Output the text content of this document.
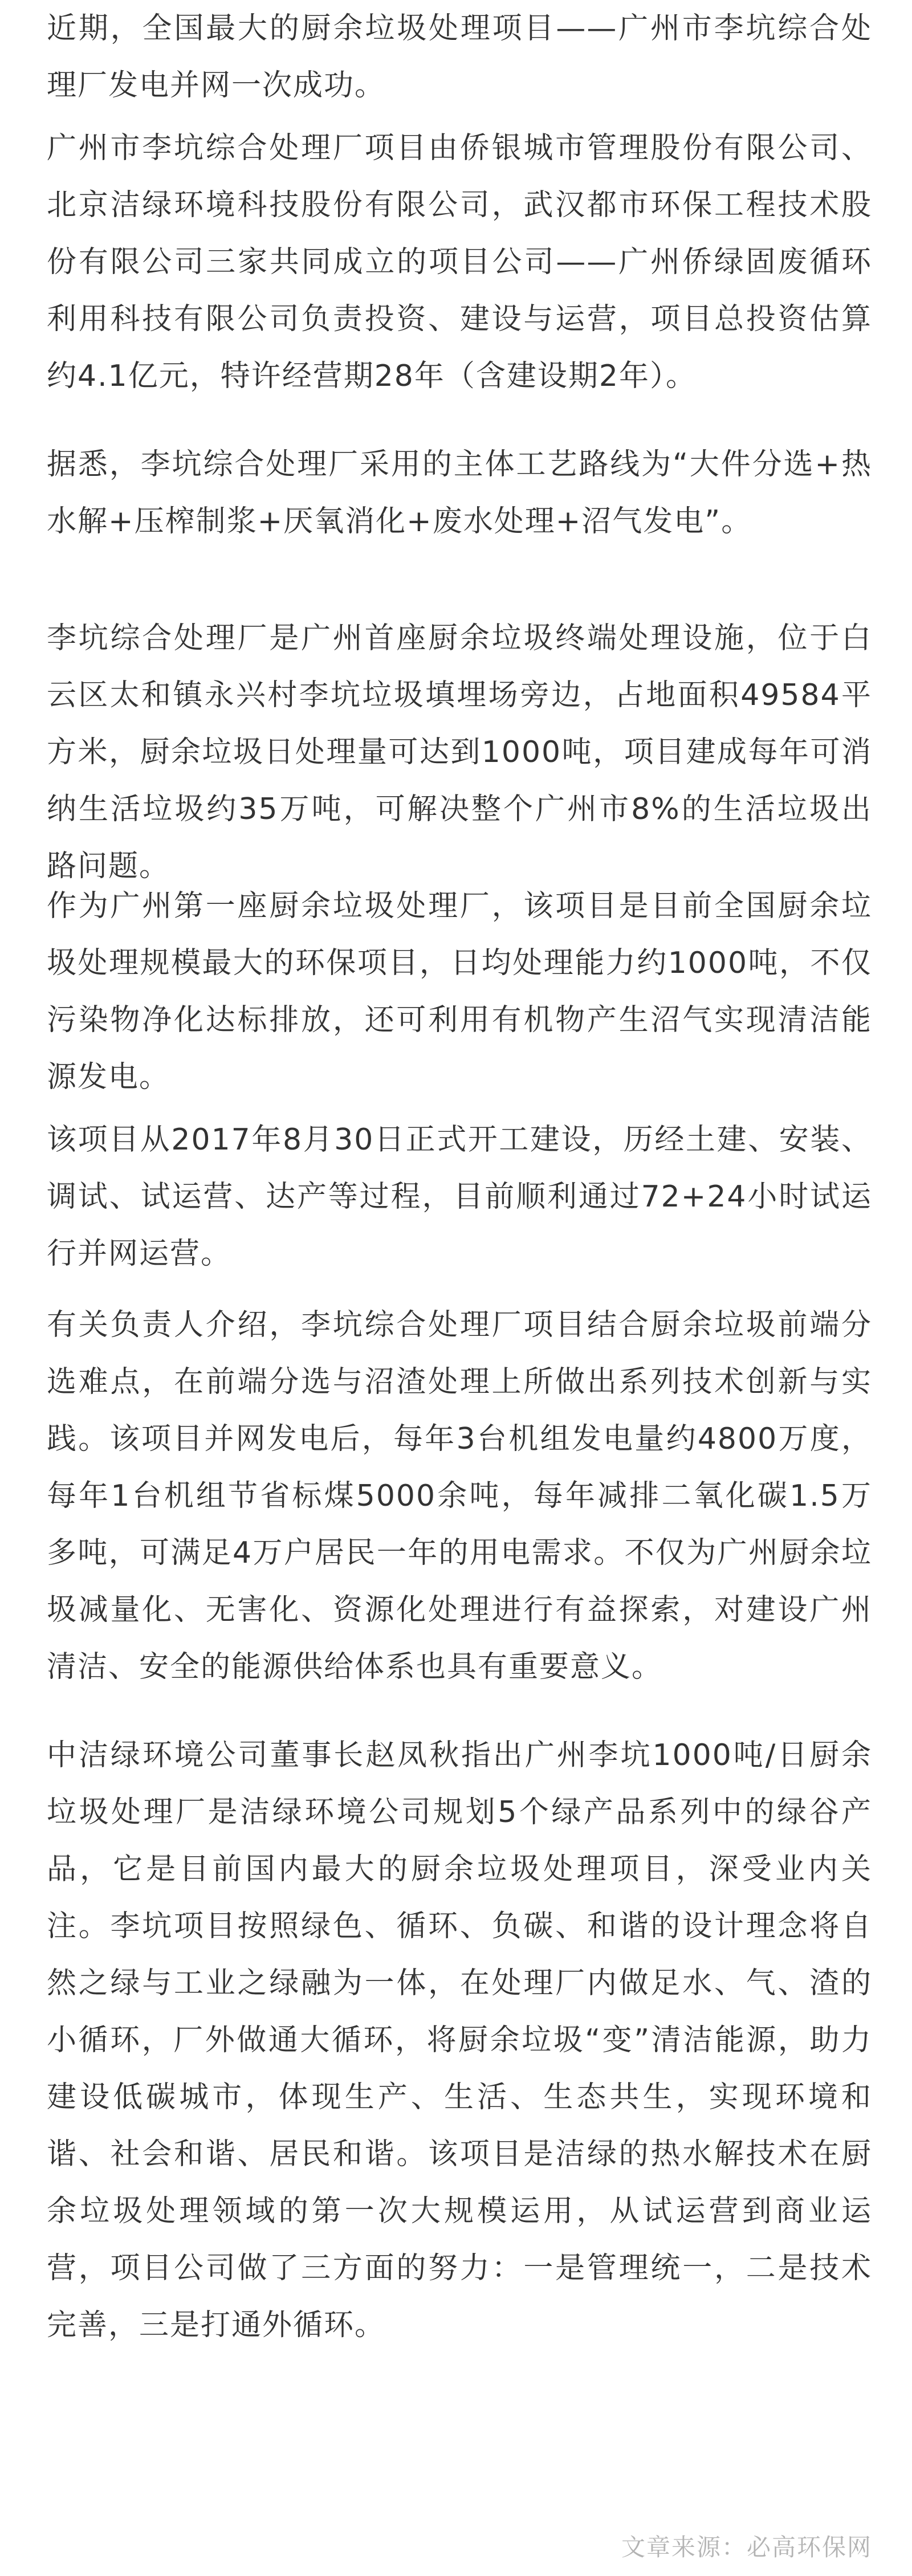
近期，全国最大的厨余垃圾处理项目——广州市李坑综合处理厂发电并网一次成功。

广州市李坑综合处理厂项目由侨银城市管理股份有限公司、北京洁绿环境科技股份有限公司，武汉都市环保工程技术股份有限公司三家共同成立的项目公司——广州侨绿固废循环利用科技有限公司负责投资、建设与运营，项目总投资估算约4.1亿元，特许经营期28年（含建设期2年）。

据悉，李坑综合处理厂采用的主体工艺路线为“大件分选+热水解+压榨制浆+厌氧消化+废水处理+沼气发电”。

李坑综合处理厂是广州首座厨余垃圾终端处理设施，位于白云区太和镇永兴村李坑垃圾填埋场旁边，占地面积49584平方米，厨余垃圾日处理量可达到1000吨，项目建成每年可消纳生活垃圾约35万吨，可解决整个广州市8%的生活垃圾出路问题。

作为广州第一座厨余垃圾处理厂，该项目是目前全国厨余垃圾处理规模最大的环保项目，日均处理能力约1000吨，不仅污染物净化达标排放，还可利用有机物产生沼气实现清洁能源发电。

该项目从2017年8月30日正式开工建设，历经土建、安装、调试、试运营、达产等过程，目前顺利通过72+24小时试运行并网运营。

有关负责人介绍，李坑综合处理厂项目结合厨余垃圾前端分选难点，在前端分选与沼渣处理上所做出系列技术创新与实践。该项目并网发电后，每年3台机组发电量约4800万度，每年1台机组节省标煤5000余吨，每年减排二氧化碳1.5万多吨，可满足4万户居民一年的用电需求。不仅为广州厨余垃圾减量化、无害化、资源化处理进行有益探索，对建设广州清洁、安全的能源供给体系也具有重要意义。

中洁绿环境公司董事长赵凤秋指出广州李坑1000吨/日厨余垃圾处理厂是洁绿环境公司规划5个绿产品系列中的绿谷产品，它是目前国内最大的厨余垃圾处理项目，深受业内关注。李坑项目按照绿色、循环、负碳、和谐的设计理念将自然之绿与工业之绿融为一体，在处理厂内做足水、气、渣的小循环，厂外做通大循环，将厨余垃圾“变”清洁能源，助力建设低碳城市，体现生产、生活、生态共生，实现环境和谐、社会和谐、居民和谐。该项目是洁绿的热水解技术在厨余垃圾处理领域的第一次大规模运用，从试运营到商业运营，项目公司做了三方面的努力：一是管理统一，二是技术完善，三是打通外循环。

文章来源：必高环保网
